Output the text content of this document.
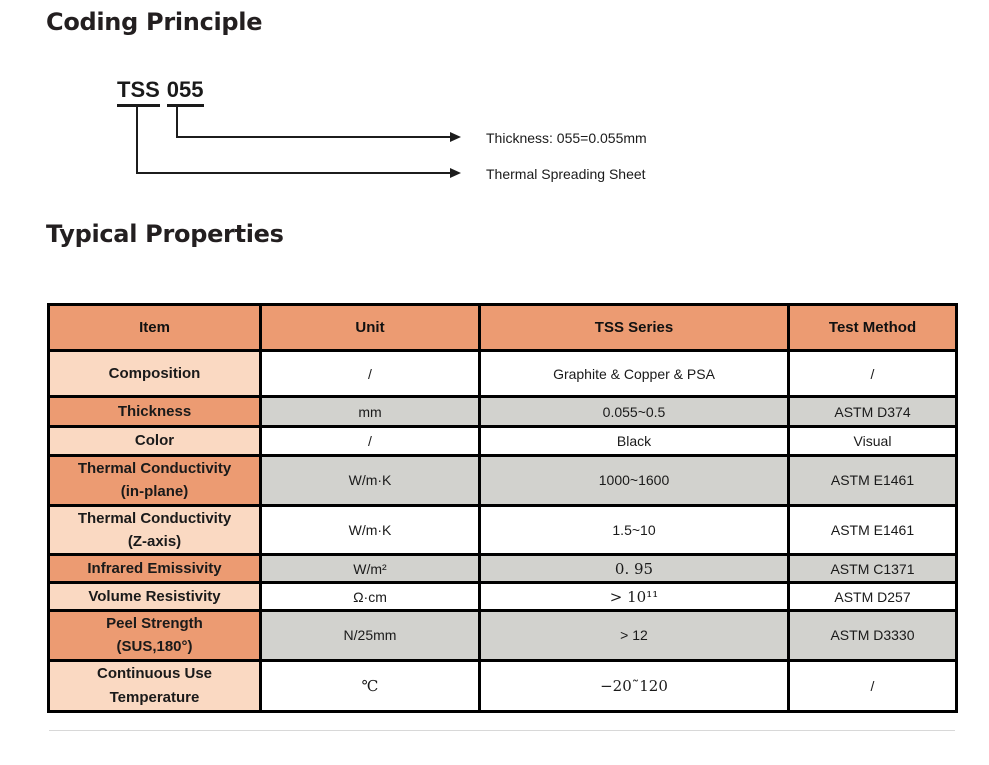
Coding Principle
TSS 055
Thickness: 055=0.055mm
Thermal Spreading Sheet
Typical Properties
Item	Unit	TSS Series	Test Method

Composition	/	Graphite & Copper & PSA	/

Thickness	mm	0.055~0.5	ASTM D374

Color	/	Black	Visual

Thermal Conductivity
(in-plane)	W/m·K	1000~1600	ASTM E1461

Thermal Conductivity
(Z-axis)	W/m·K	1.5~10	ASTM E1461

Infrared Emissivity	W/m²	0. 95	ASTM C1371

Volume Resistivity	Ω·cm	> 10¹¹	ASTM D257

Peel Strength
(SUS,180°)	N/25mm	> 12	ASTM D3330

Continuous Use
Temperature	℃	−20˜120	/
